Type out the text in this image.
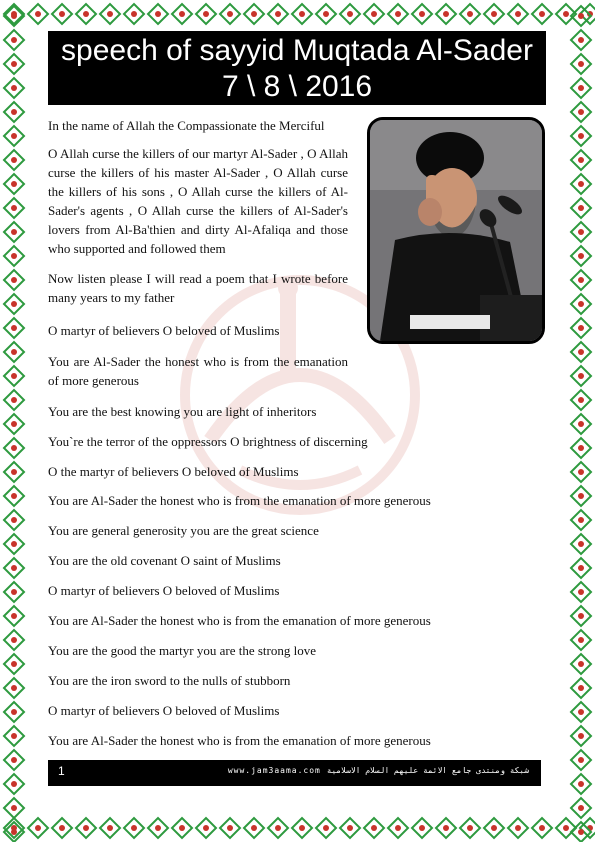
speech of sayyid Muqtada Al-Sader
7 \ 8 \ 2016
In the name of Allah the Compassionate the Merciful
O Allah curse the killers of our martyr Al-Sader , O Allah curse the killers of his master Al-Sader , O Allah curse the killers of his sons , O Allah curse the killers of Al-Sader's agents , O Allah curse the killers of Al-Sader's lovers from Al-Ba'thien and dirty Al-Afaliqa and those who supported and followed them
Now listen please I will read a poem that I wrote before many years to my father
O martyr of believers O beloved of Muslims
You are Al-Sader the honest who is from the emanation of more generous
You are the best knowing you are light of inheritors
You`re the terror of the oppressors O brightness of discerning
O the martyr of believers O beloved of Muslims
You are Al-Sader the honest who is from the emanation of more generous
You are general generosity you are the great science
You are the old covenant O saint of Muslims
O martyr of believers O beloved of Muslims
You are Al-Sader the honest who is from the emanation of more generous
You are the good the martyr you are the strong love
You are the iron sword to the nulls of stubborn
O martyr of believers O beloved of Muslims
You are Al-Sader the honest who is from the emanation of more generous
1	www.jam3aama.com شبكة ومنتدى جامع الائمة عليهم السلام الاسلامية
